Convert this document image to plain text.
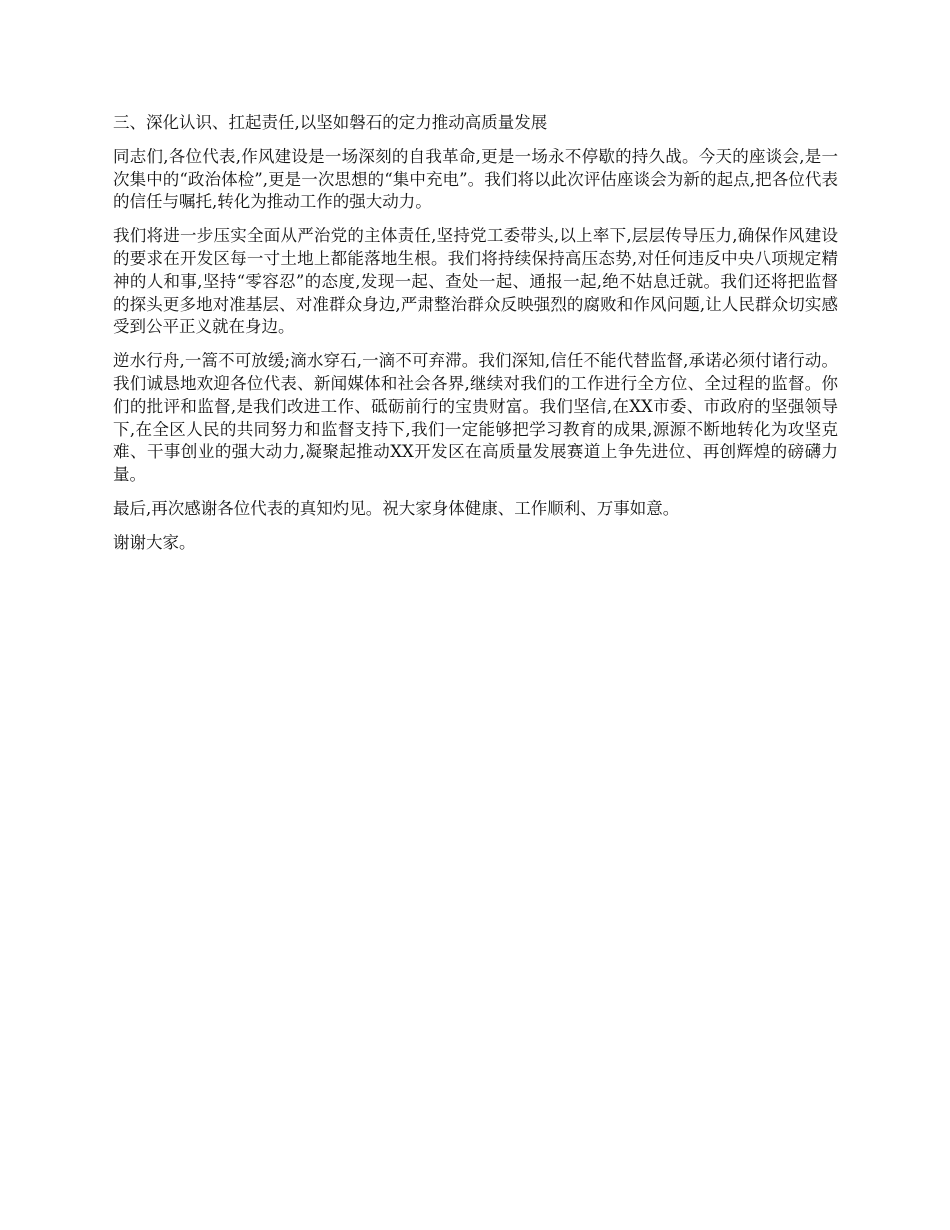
三、深化认识、扛起责任,以坚如磐石的定力推动高质量发展

同志们,各位代表,作风建设是一场深刻的自我革命,更是一场永不停歇的持久战。今天的座谈会,是一次集中的“政治体检”,更是一次思想的“集中充电”。我们将以此次评估座谈会为新的起点,把各位代表的信任与嘱托,转化为推动工作的强大动力。

我们将进一步压实全面从严治党的主体责任,坚持党工委带头,以上率下,层层传导压力,确保作风建设的要求在开发区每一寸土地上都能落地生根。我们将持续保持高压态势,对任何违反中央八项规定精神的人和事,坚持“零容忍”的态度,发现一起、查处一起、通报一起,绝不姑息迁就。我们还将把监督的探头更多地对准基层、对准群众身边,严肃整治群众反映强烈的腐败和作风问题,让人民群众切实感受到公平正义就在身边。

逆水行舟,一篙不可放缓;滴水穿石,一滴不可弃滞。我们深知,信任不能代替监督,承诺必须付诸行动。我们诚恳地欢迎各位代表、新闻媒体和社会各界,继续对我们的工作进行全方位、全过程的监督。你们的批评和监督,是我们改进工作、砥砺前行的宝贵财富。我们坚信,在XX市委、市政府的坚强领导下,在全区人民的共同努力和监督支持下,我们一定能够把学习教育的成果,源源不断地转化为攻坚克难、干事创业的强大动力,凝聚起推动XX开发区在高质量发展赛道上争先进位、再创辉煌的磅礴力量。

最后,再次感谢各位代表的真知灼见。祝大家身体健康、工作顺利、万事如意。

谢谢大家。
